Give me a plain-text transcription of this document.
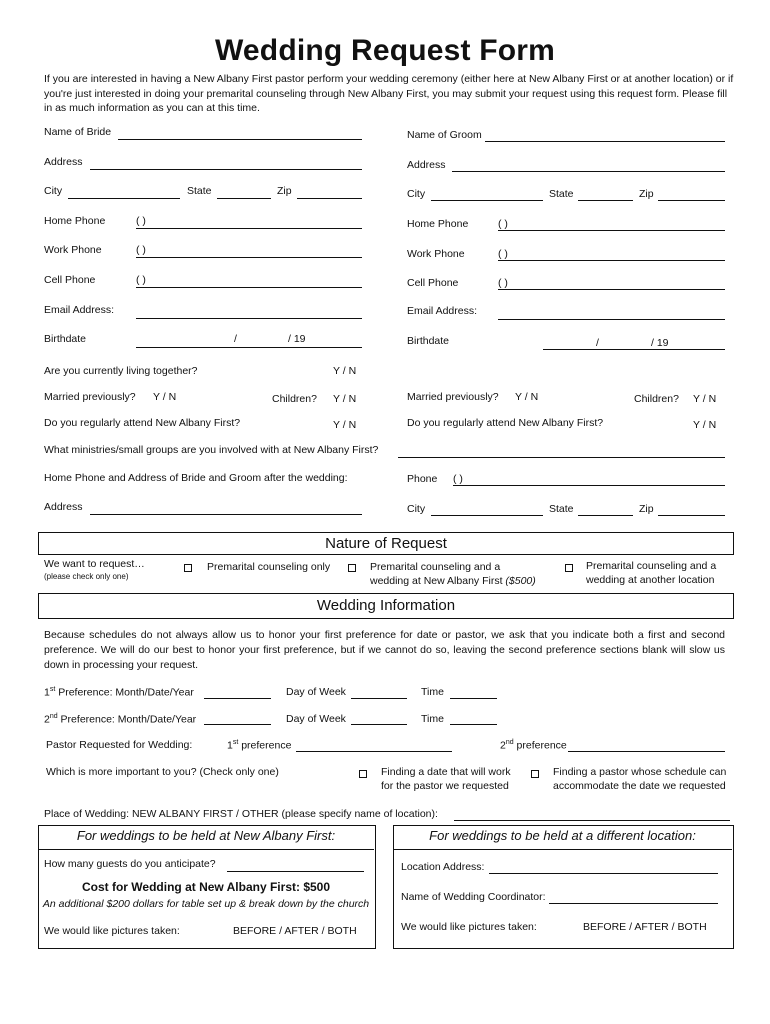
Wedding Request Form
If you are interested in having a New Albany First pastor perform your wedding ceremony (either here at New Albany First or at another location) or if you're just interested in doing your premarital counseling through New Albany First, you may submit your request using this request form. Please fill in as much information as you can at this time.
Name of Bride
Address
City	State	Zip
Home Phone	( )
Work Phone	( )
Cell Phone	( )
Email Address:
Birthdate	/	/ 19
Name of Groom
Address
City	State	Zip
Home Phone	( )
Work Phone	( )
Cell Phone	( )
Email Address:
Birthdate	/	/ 19
Are you currently living together?	Y / N
Married previously? Y / N	Children? Y / N	Married previously? Y / N	Children? Y / N
Do you regularly attend New Albany First?	Y / N	Do you regularly attend New Albany First?	Y / N
What ministries/small groups are you involved with at New Albany First?
Home Phone and Address of Bride and Groom after the wedding:	Phone ( )
Address	City	State	Zip
Nature of Request
We want to request…
(please check only one)
Premarital counseling only	Premarital counseling and a
wedding at New Albany First ($500)
Premarital counseling and a
wedding at another location
Wedding Information
Because schedules do not always allow us to honor your first preference for date or pastor, we ask that you indicate both a first and second preference. We will do our best to honor your first preference, but if we cannot do so, leaving the second preference sections blank will slow us down in processing your request.
1st Preference: Month/Date/Year	Day of Week	Time
2nd Preference: Month/Date/Year	Day of Week	Time
Pastor Requested for Wedding:	1st preference	2nd preference
Which is more important to you? (Check only one)	Finding a date that will work
for the pastor we requested
Finding a pastor whose schedule can
accommodate the date we requested
Place of Wedding: NEW ALBANY FIRST / OTHER (please specify name of location):
For weddings to be held at New Albany First:
How many guests do you anticipate?
Cost for Wedding at New Albany First: $500
An additional $200 dollars for table set up & break down by the church
We would like pictures taken:	BEFORE / AFTER / BOTH
For weddings to be held at a different location:
Location Address:
Name of Wedding Coordinator:
We would like pictures taken:	BEFORE / AFTER / BOTH
